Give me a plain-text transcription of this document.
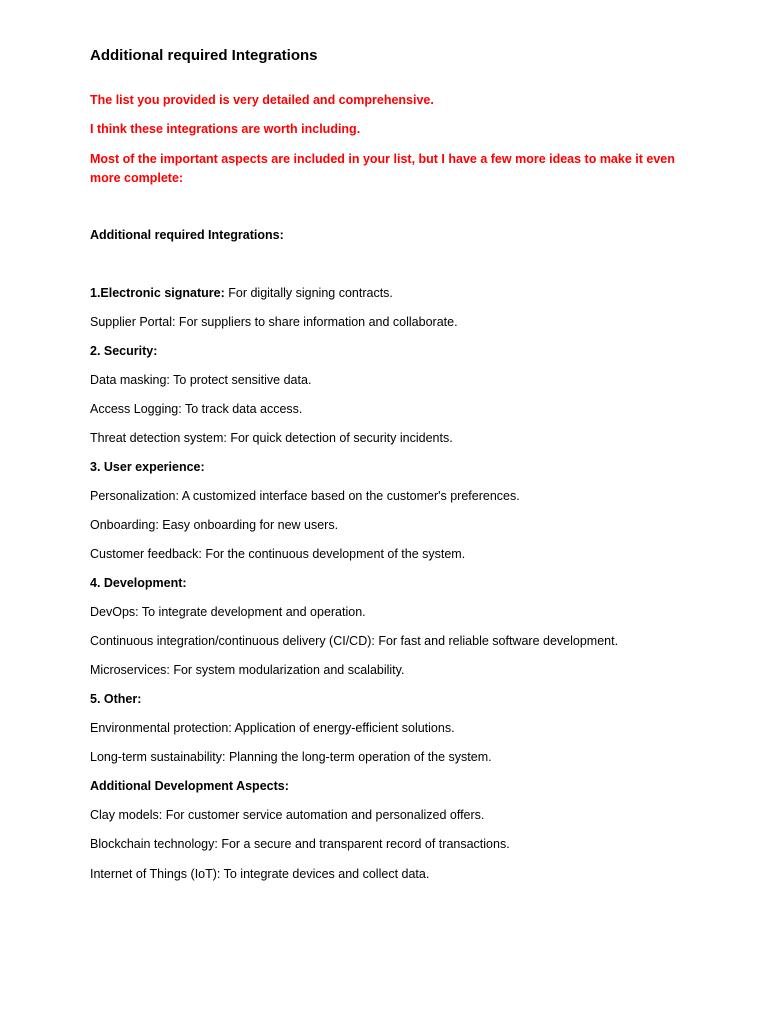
Additional required Integrations
The list you provided is very detailed and comprehensive.
I think these integrations are worth including.
Most of the important aspects are included in your list, but I have a few more ideas to make it even more complete:
Additional required Integrations:
1.Electronic signature: For digitally signing contracts.
Supplier Portal: For suppliers to share information and collaborate.
2. Security:
Data masking: To protect sensitive data.
Access Logging: To track data access.
Threat detection system: For quick detection of security incidents.
3. User experience:
Personalization: A customized interface based on the customer's preferences.
Onboarding: Easy onboarding for new users.
Customer feedback: For the continuous development of the system.
4. Development:
DevOps: To integrate development and operation.
Continuous integration/continuous delivery (CI/CD): For fast and reliable software development.
Microservices: For system modularization and scalability.
5. Other:
Environmental protection: Application of energy-efficient solutions.
Long-term sustainability: Planning the long-term operation of the system.
Additional Development Aspects:
Clay models: For customer service automation and personalized offers.
Blockchain technology: For a secure and transparent record of transactions.
Internet of Things (IoT): To integrate devices and collect data.
